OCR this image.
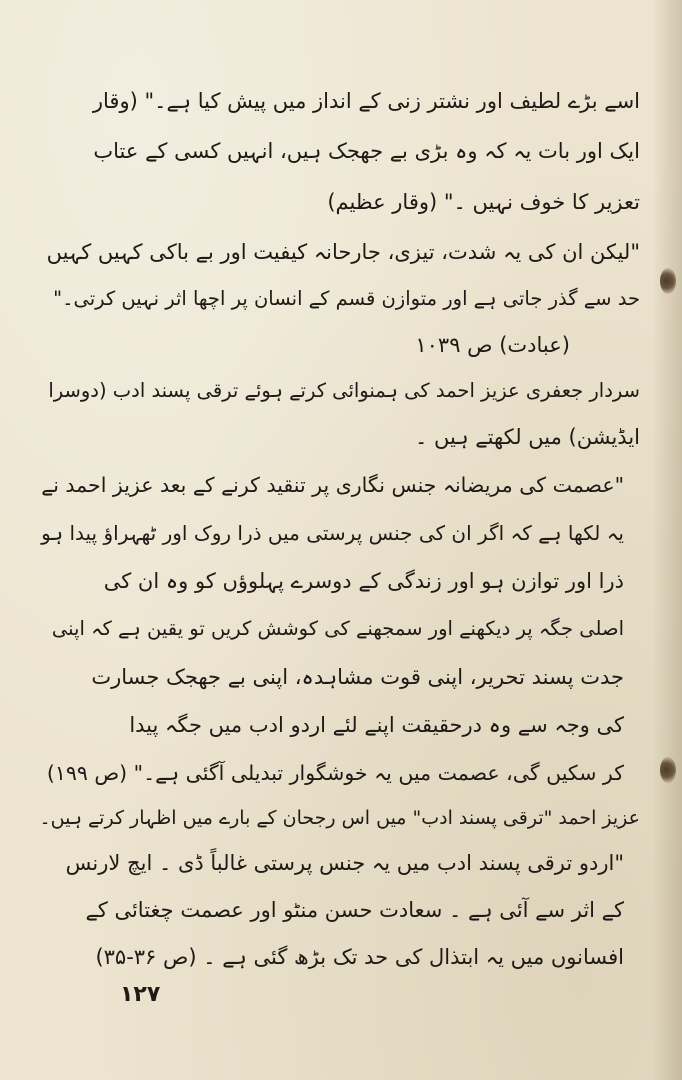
اسے بڑے لطیف اور نشتر زنی کے انداز میں پیش کیا ہے۔" (وقار
ایک اور بات یہ کہ وہ بڑی بے جھجک ہیں، انہیں کسی کے عتاب
تعزیر کا خوف نہیں ۔" (وقار عظیم)
"لیکن ان کی یہ شدت، تیزی، جارحانہ کیفیت اور بے باکی کہیں کہیں
حد سے گذر جاتی ہے اور متوازن قسم کے انسان پر اچھا اثر نہیں کرتی۔"
(عبادت) ص ۱۰۳۹
سردار جعفری عزیز احمد کی ہمنوائی کرتے ہوئے ترقی پسند ادب (دوسرا
ایڈیشن) میں لکھتے ہیں ۔
"عصمت کی مریضانہ جنس نگاری پر تنقید کرنے کے بعد عزیز احمد نے
یہ لکھا ہے کہ اگر ان کی جنس پرستی میں ذرا روک اور ٹھہراؤ پیدا ہو
ذرا اور توازن ہو اور زندگی کے دوسرے پہلوؤں کو وہ ان کی
اصلی جگہ پر دیکھنے اور سمجھنے کی کوشش کریں تو یقین ہے کہ اپنی
جدت پسند تحریر، اپنی قوت مشاہدہ، اپنی بے جھجک جسارت
کی وجہ سے وہ درحقیقت اپنے لئے اردو ادب میں جگہ پیدا
کر سکیں گی، عصمت میں یہ خوشگوار تبدیلی آگئی ہے۔" (ص ۱۹۹)
عزیز احمد "ترقی پسند ادب" میں اس رجحان کے بارے میں اظہار کرتے ہیں۔
"اردو ترقی پسند ادب میں یہ جنس پرستی غالباً ڈی ۔ ایچ لارنس
کے اثر سے آئی ہے ۔ سعادت حسن منٹو اور عصمت چغتائی کے
افسانوں میں یہ ابتذال کی حد تک بڑھ گئی ہے ۔ (ص ۳۶-۳۵)
۱۲۷
